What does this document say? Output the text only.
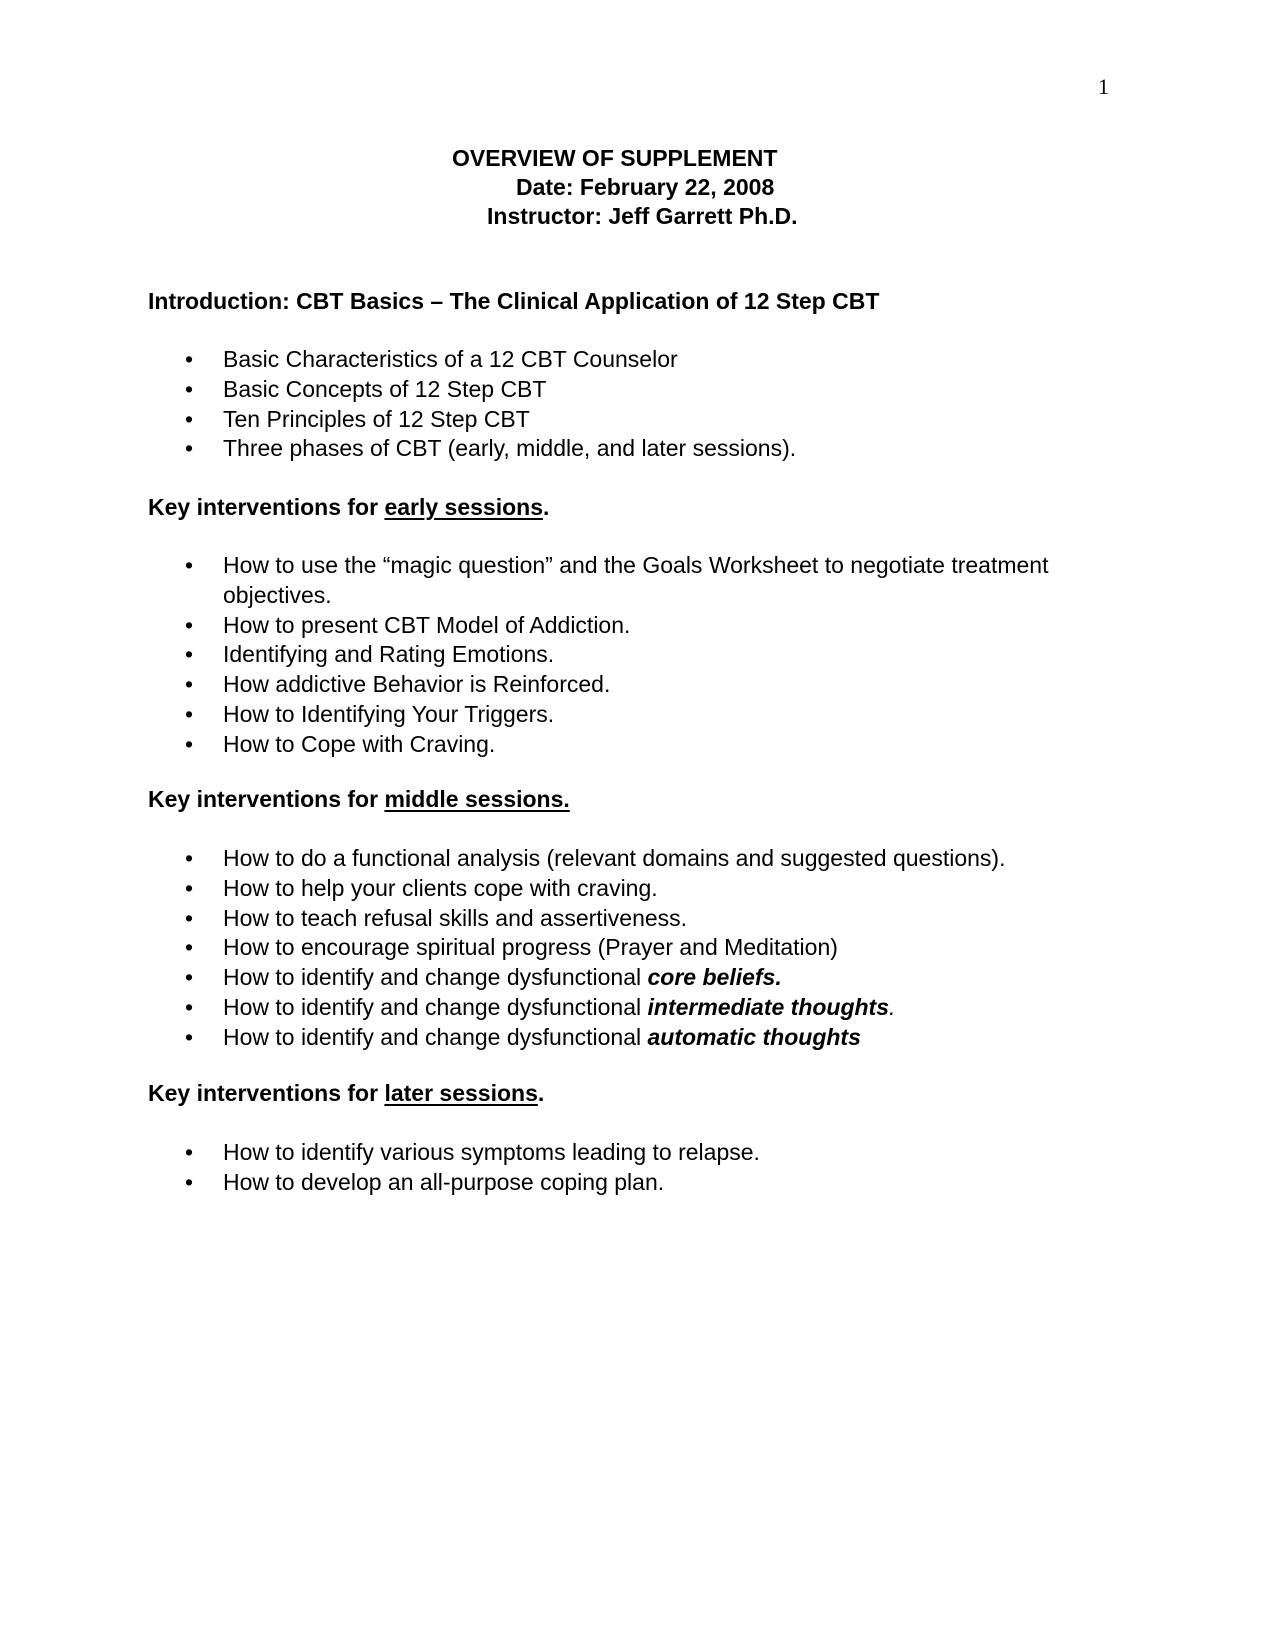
1
OVERVIEW OF SUPPLEMENT
Date: February 22, 2008
Instructor: Jeff Garrett Ph.D.
Introduction: CBT Basics – The Clinical Application of 12 Step CBT
• Basic Characteristics of a 12 CBT Counselor
• Basic Concepts of 12 Step CBT
• Ten Principles of 12 Step CBT
• Three phases of CBT (early, middle, and later sessions).
Key interventions for early sessions.
• How to use the “magic question” and the Goals Worksheet to negotiate treatment objectives.
• How to present CBT Model of Addiction.
• Identifying and Rating Emotions.
• How addictive Behavior is Reinforced.
• How to Identifying Your Triggers.
• How to Cope with Craving.
Key interventions for middle sessions.
• How to do a functional analysis (relevant domains and suggested questions).
• How to help your clients cope with craving.
• How to teach refusal skills and assertiveness.
• How to encourage spiritual progress (Prayer and Meditation)
• How to identify and change dysfunctional core beliefs.
• How to identify and change dysfunctional intermediate thoughts.
• How to identify and change dysfunctional automatic thoughts
Key interventions for later sessions.
• How to identify various symptoms leading to relapse.
• How to develop an all-purpose coping plan.
